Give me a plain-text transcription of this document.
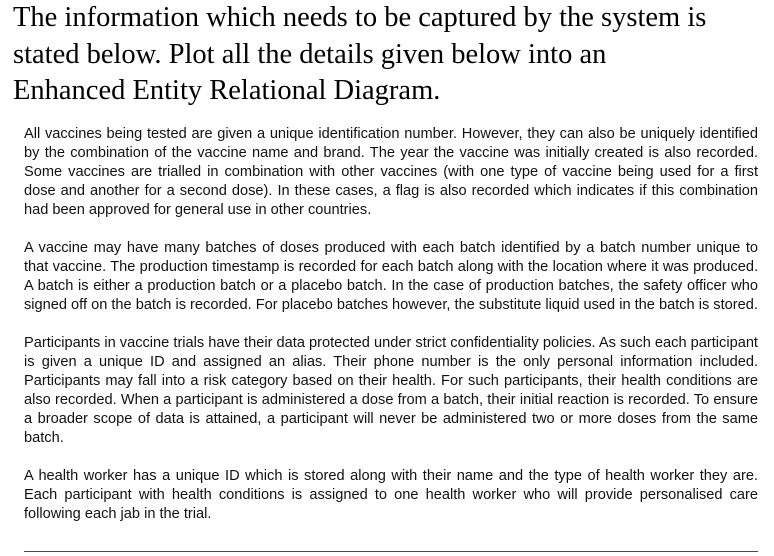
The information which needs to be captured by the system is
stated below. Plot all the details given below into an
Enhanced Entity Relational Diagram.

All vaccines being tested are given a unique identification number. However, they can also be uniquely identified by the combination of the vaccine name and brand. The year the vaccine was initially created is also recorded. Some vaccines are trialled in combination with other vaccines (with one type of vaccine being used for a first dose and another for a second dose). In these cases, a flag is also recorded which indicates if this combination had been approved for general use in other countries.

A vaccine may have many batches of doses produced with each batch identified by a batch number unique to that vaccine. The production timestamp is recorded for each batch along with the location where it was produced. A batch is either a production batch or a placebo batch. In the case of production batches, the safety officer who signed off on the batch is recorded. For placebo batches however, the substitute liquid used in the batch is stored.

Participants in vaccine trials have their data protected under strict confidentiality policies. As such each participant is given a unique ID and assigned an alias. Their phone number is the only personal information included. Participants may fall into a risk category based on their health. For such participants, their health conditions are also recorded. When a participant is administered a dose from a batch, their initial reaction is recorded. To ensure a broader scope of data is attained, a participant will never be administered two or more doses from the same batch.

A health worker has a unique ID which is stored along with their name and the type of health worker they are. Each participant with health conditions is assigned to one health worker who will provide personalised care following each jab in the trial.
